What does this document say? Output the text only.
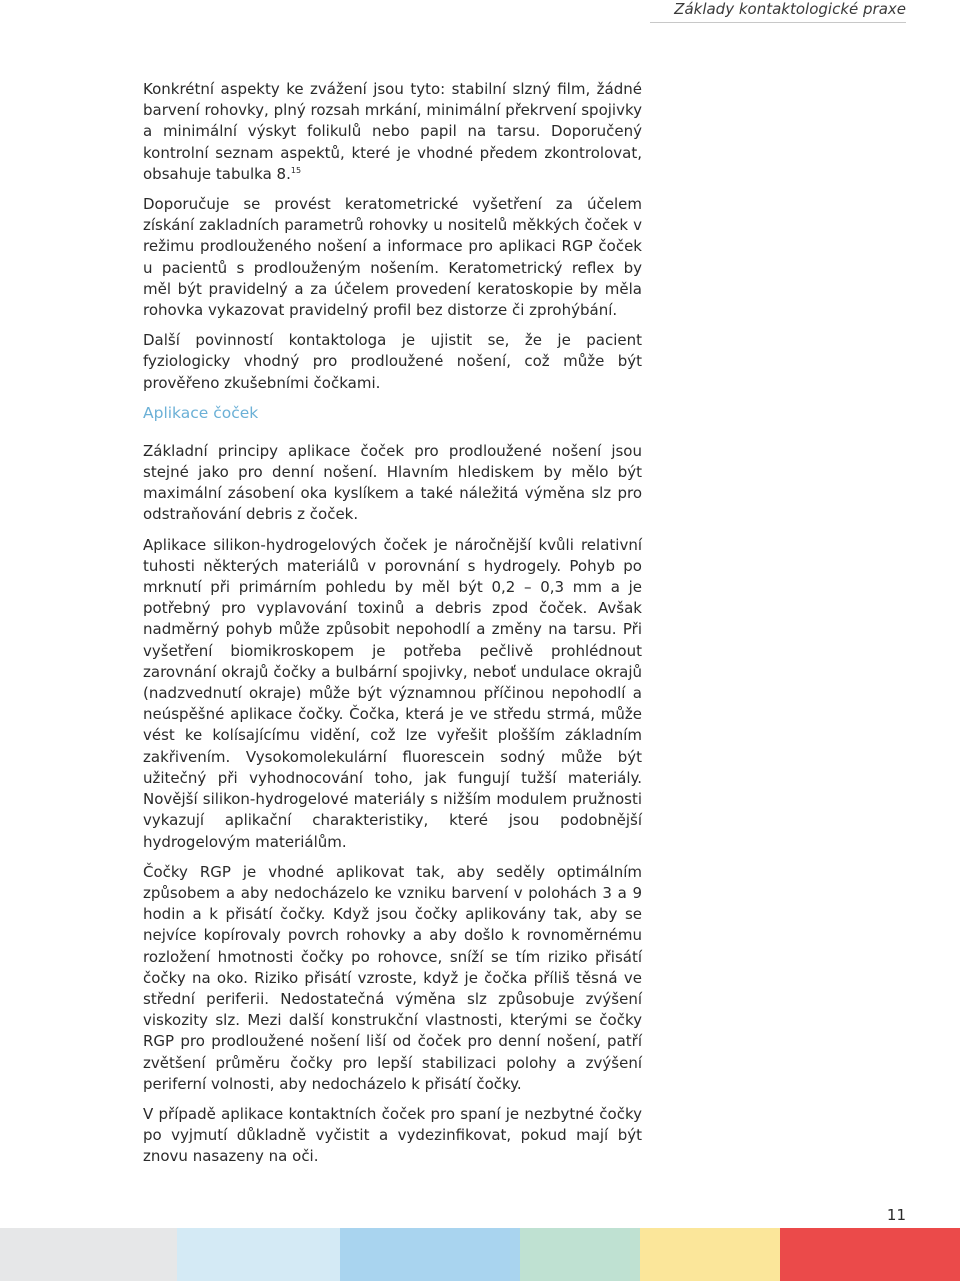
Základy kontaktologické praxe

Konkrétní aspekty ke zvážení jsou tyto: stabilní slzný film, žádné barvení rohovky, plný rozsah mrkání, minimální překrvení spojivky a minimální výskyt folikulů nebo papil na tarsu. Doporučený kontrolní seznam aspektů, které je vhodné předem zkontrolovat, obsahuje tabulka 8.15

Doporučuje se provést keratometrické vyšetření za účelem získání zakladních parametrů rohovky u nositelů měkkých čoček v režimu prodlouženého nošení a informace pro aplikaci RGP čoček u pacientů s prodlouženým nošením. Keratometrický reflex by měl být pravidelný a za účelem provedení keratoskopie by měla rohovka vykazovat pravidelný profil bez distorze či zprohýbání.

Další povinností kontaktologa je ujistit se, že je pacient fyziologicky vhodný pro prodloužené nošení, což může být prověřeno zkušebními čočkami.

Aplikace čoček

Základní principy aplikace čoček pro prodloužené nošení jsou stejné jako pro denní nošení. Hlavním hlediskem by mělo být maximální zásobení oka kyslíkem a také náležitá výměna slz pro odstraňování debris z čoček.

Aplikace silikon-hydrogelových čoček je náročnější kvůli relativní tuhosti některých materiálů v porovnání s hydrogely. Pohyb po mrknutí při primárním pohledu by měl být 0,2 – 0,3 mm a je potřebný pro vyplavování toxinů a debris zpod čoček. Avšak nadměrný pohyb může způsobit nepohodlí a změny na tarsu. Při vyšetření biomikroskopem je potřeba pečlivě prohlédnout zarovnání okrajů čočky a bulbární spojivky, neboť undulace okrajů (nadzvednutí okraje) může být významnou příčinou nepohodlí a neúspěšné aplikace čočky. Čočka, která je ve středu strmá, může vést ke kolísajícímu vidění, což lze vyřešit plošším základním zakřivením. Vysokomolekulární fluorescein sodný může být užitečný při vyhodnocování toho, jak fungují tužší materiály. Novější silikon-hydrogelové materiály s nižším modulem pružnosti vykazují aplikační charakteristiky, které jsou podobnější hydrogelovým materiálům.

Čočky RGP je vhodné aplikovat tak, aby seděly optimálním způsobem a aby nedocházelo ke vzniku barvení v polohách 3 a 9 hodin a k přisátí čočky. Když jsou čočky aplikovány tak, aby se nejvíce kopírovaly povrch rohovky a aby došlo k rovnoměrnému rozložení hmotnosti čočky po rohovce, sníží se tím riziko přisátí čočky na oko. Riziko přisátí vzroste, když je čočka příliš těsná ve střední periferii. Nedostatečná výměna slz způsobuje zvýšení viskozity slz. Mezi další konstrukční vlastnosti, kterými se čočky RGP pro prodloužené nošení liší od čoček pro denní nošení, patří zvětšení průměru čočky pro lepší stabilizaci polohy a zvýšení periferní volnosti, aby nedocházelo k přisátí čočky.

V případě aplikace kontaktních čoček pro spaní je nezbytné čočky po vyjmutí důkladně vyčistit a vydezinfikovat, pokud mají být znovu nasazeny na oči.

11
